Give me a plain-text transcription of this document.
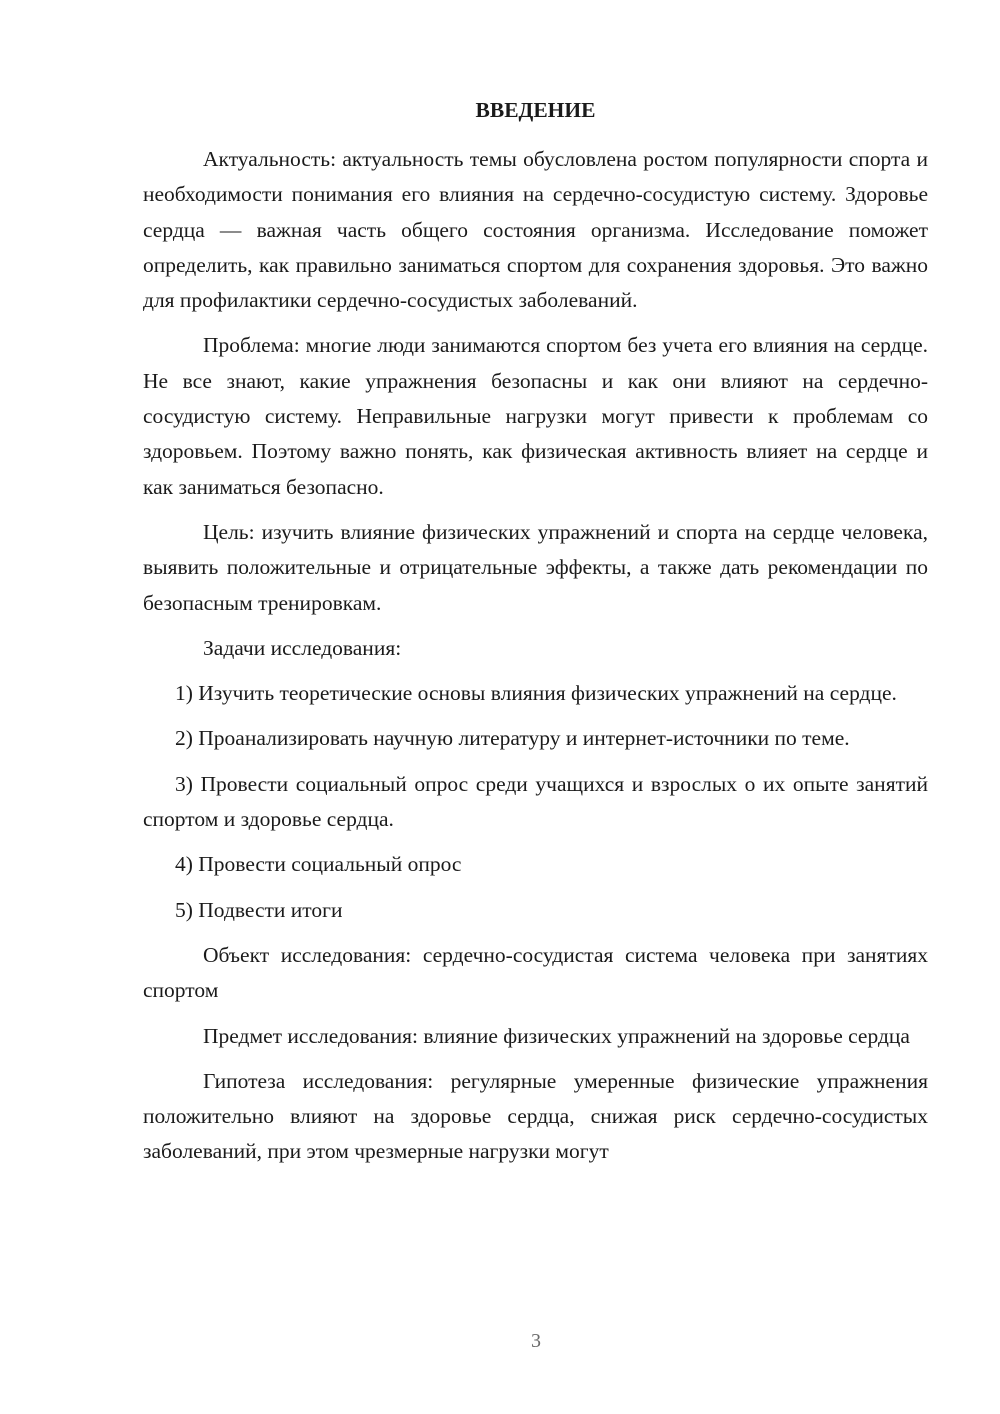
ВВЕДЕНИЕ

Актуальность: актуальность темы обусловлена ростом популярности спорта и необходимости понимания его влияния на сердечно-сосудистую систему. Здоровье сердца — важная часть общего состояния организма. Исследование поможет определить, как правильно заниматься спортом для сохранения здоровья. Это важно для профилактики сердечно-сосудистых заболеваний.

Проблема: многие люди занимаются спортом без учета его влияния на сердце. Не все знают, какие упражнения безопасны и как они влияют на сердечно-сосудистую систему. Неправильные нагрузки могут привести к проблемам со здоровьем. Поэтому важно понять, как физическая активность влияет на сердце и как заниматься безопасно.

Цель: изучить влияние физических упражнений и спорта на сердце человека, выявить положительные и отрицательные эффекты, а также дать рекомендации по безопасным тренировкам.

Задачи исследования:

1) Изучить теоретические основы влияния физических упражнений на сердце.

2) Проанализировать научную литературу и интернет-источники по теме.

3) Провести социальный опрос среди учащихся и взрослых о их опыте занятий спортом и здоровье сердца.

4) Провести социальный опрос

5) Подвести итоги

Объект исследования: сердечно-сосудистая система человека при занятиях спортом

Предмет исследования: влияние физических упражнений на здоровье сердца

Гипотеза исследования: регулярные умеренные физические упражнения положительно влияют на здоровье сердца, снижая риск сердечно-сосудистых заболеваний, при этом чрезмерные нагрузки могут

3
